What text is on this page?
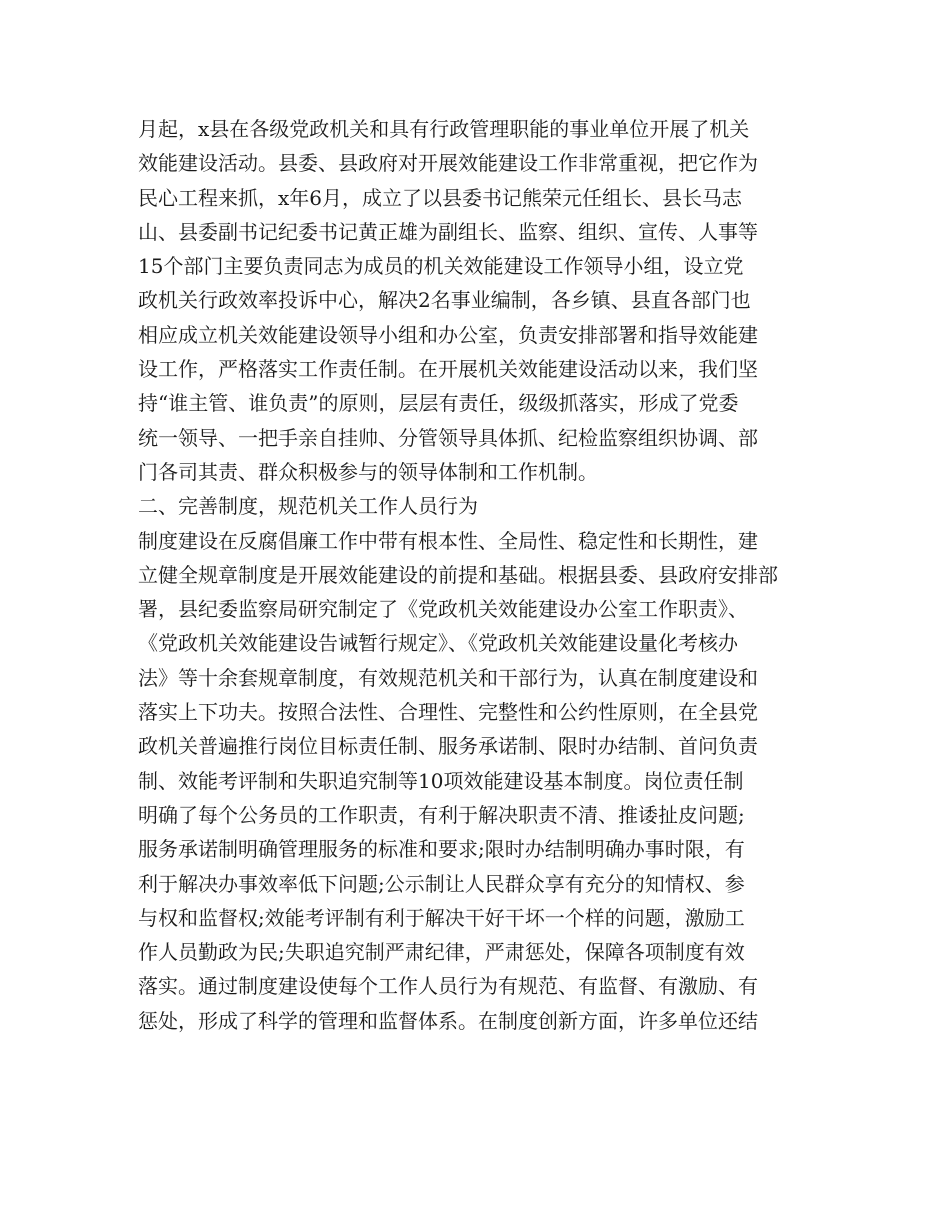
月起，x县在各级党政机关和具有行政管理职能的事业单位开展了机关
效能建设活动。县委、县政府对开展效能建设工作非常重视，把它作为
民心工程来抓，x年6月，成立了以县委书记熊荣元任组长、县长马志
山、县委副书记纪委书记黄正雄为副组长、监察、组织、宣传、人事等
15个部门主要负责同志为成员的机关效能建设工作领导小组，设立党
政机关行政效率投诉中心，解决2名事业编制，各乡镇、县直各部门也
相应成立机关效能建设领导小组和办公室，负责安排部署和指导效能建
设工作，严格落实工作责任制。在开展机关效能建设活动以来，我们坚
持“谁主管、谁负责”的原则，层层有责任，级级抓落实，形成了党委
统一领导、一把手亲自挂帅、分管领导具体抓、纪检监察组织协调、部
门各司其责、群众积极参与的领导体制和工作机制。
二、完善制度，规范机关工作人员行为
制度建设在反腐倡廉工作中带有根本性、全局性、稳定性和长期性，建
立健全规章制度是开展效能建设的前提和基础。根据县委、县政府安排部
署，县纪委监察局研究制定了《党政机关效能建设办公室工作职责》、
《党政机关效能建设告诫暂行规定》、《党政机关效能建设量化考核办
法》等十余套规章制度，有效规范机关和干部行为，认真在制度建设和
落实上下功夫。按照合法性、合理性、完整性和公约性原则，在全县党
政机关普遍推行岗位目标责任制、服务承诺制、限时办结制、首问负责
制、效能考评制和失职追究制等10项效能建设基本制度。岗位责任制
明确了每个公务员的工作职责，有利于解决职责不清、推诿扯皮问题;
服务承诺制明确管理服务的标准和要求;限时办结制明确办事时限，有
利于解决办事效率低下问题;公示制让人民群众享有充分的知情权、参
与权和监督权;效能考评制有利于解决干好干坏一个样的问题，激励工
作人员勤政为民;失职追究制严肃纪律，严肃惩处，保障各项制度有效
落实。通过制度建设使每个工作人员行为有规范、有监督、有激励、有
惩处，形成了科学的管理和监督体系。在制度创新方面，许多单位还结
